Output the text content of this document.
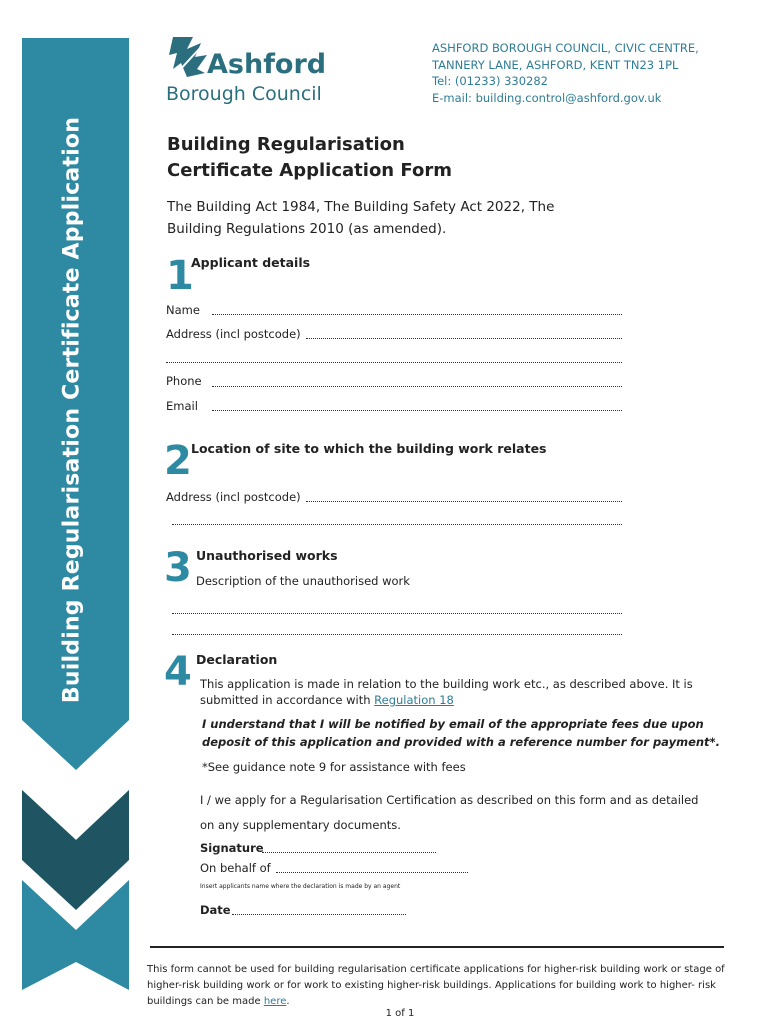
Building Regularisation Certificate Application
Ashford
Borough Council
ASHFORD BOROUGH COUNCIL, CIVIC CENTRE,
TANNERY LANE, ASHFORD, KENT TN23 1PL
Tel: (01233) 330282
E-mail: building.control@ashford.gov.uk
Building Regularisation
Certificate Application Form
The Building Act 1984, The Building Safety Act 2022, The
Building Regulations 2010 (as amended).
1
Applicant details
Name
Address (incl postcode)
Phone
Email
2 Location of site to which the building work relates
Address (incl postcode)
3 Unauthorised works
Description of the unauthorised work
4 Declaration
This application is made in relation to the building work etc., as described above. It is
submitted in accordance with Regulation 18
I understand that I will be notified by email of the appropriate fees due upon
deposit of this application and provided with a reference number for payment*.
*See guidance note 9 for assistance with fees
I / we apply for a Regularisation Certification as described on this form and as detailed
on any supplementary documents.
Signature
On behalf of
Insert applicants name where the declaration is made by an agent
Date
This form cannot be used for building regularisation certificate applications for higher-risk building work or stage of higher-risk building work or for work to existing higher-risk buildings. Applications for building work to higher- risk buildings can be made here.
1 of 1
